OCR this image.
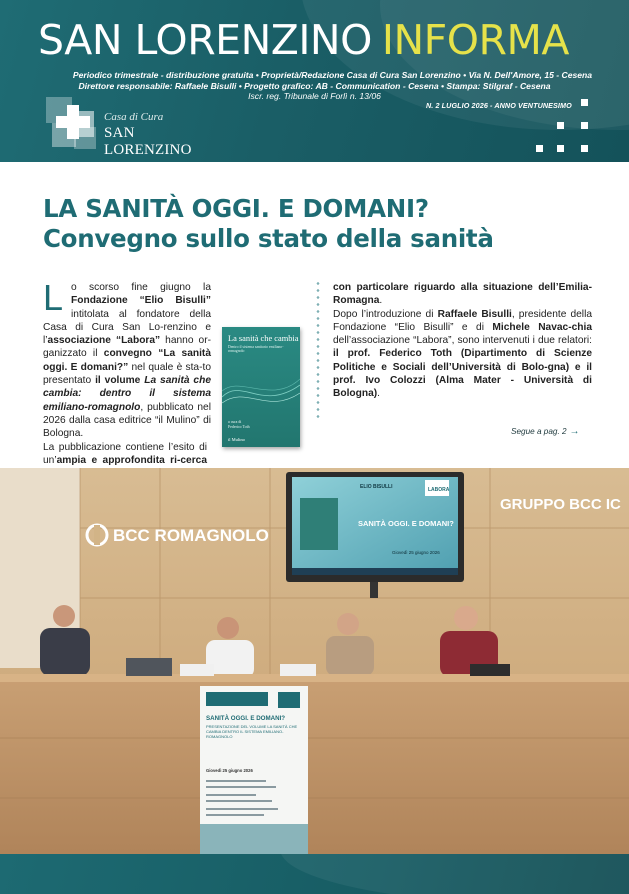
SAN LORENZINO INFORMA
Periodico trimestrale - distribuzione gratuita • Proprietà/Redazione Casa di Cura San Lorenzino • Via N. Dell'Amore, 15 - Cesena
Direttore responsabile: Raffaele Bisulli • Progetto grafico: AB - Communication - Cesena • Stampa: Stilgraf - Cesena
Iscr. reg. Tribunale di Forlì n. 13/06
Casa di Cura
SAN LORENZINO
N. 2 LUGLIO 2026 - ANNO VENTUNESIMO
LA SANITÀ OGGI. E DOMANI?
Convegno sullo stato della sanità
L o scorso fine giugno la Fondazione “Elio Bisulli” intitolata al fondatore della Casa di Cura San Lo-renzino e l’associazione “Labora” hanno or-ganizzato il convegno “La sanità oggi. E domani?” nel quale è sta-to presentato il volume La sanità che cambia: dentro il sistema emiliano-romagnolo, pubblicato nel 2026 dalla casa editrice “il Mulino” di Bologna.
La pubblicazione contiene l’esito di un’ampia e approfondita ri-cerca
La sanità che cambia
Dentro il sistema sanitario emiliano-romagnolo
a cura di
Federico Toth
il Mulino
con particolare riguardo alla situazione dell’Emilia-Romagna.
Dopo l’introduzione di Raffaele Bisulli, presidente della Fondazione “Elio Bisulli” e di Michele Navac-chia dell’associazione “Labora”, sono intervenuti i due relatori: il prof. Federico Toth (Dipartimento di Scienze Politiche e Sociali dell’Università di Bolo-gna) e il prof. Ivo Colozzi (Alma Mater - Università di Bologna).
Segue a pag. 2 →
BCC ROMAGNOLO
GRUPPO BCC IC
ELIO BISULLI	LABORA
SANITÀ OGGI. E DOMANI?
Giovedì 25 giugno 2026
SANITÀ OGGI. E DOMANI?
PRESENTAZIONE DEL VOLUME LA SANITÀ CHE CAMBIA DENTRO IL SISTEMA EMILIANO-ROMAGNOLO
Giovedì 25 giugno 2026
